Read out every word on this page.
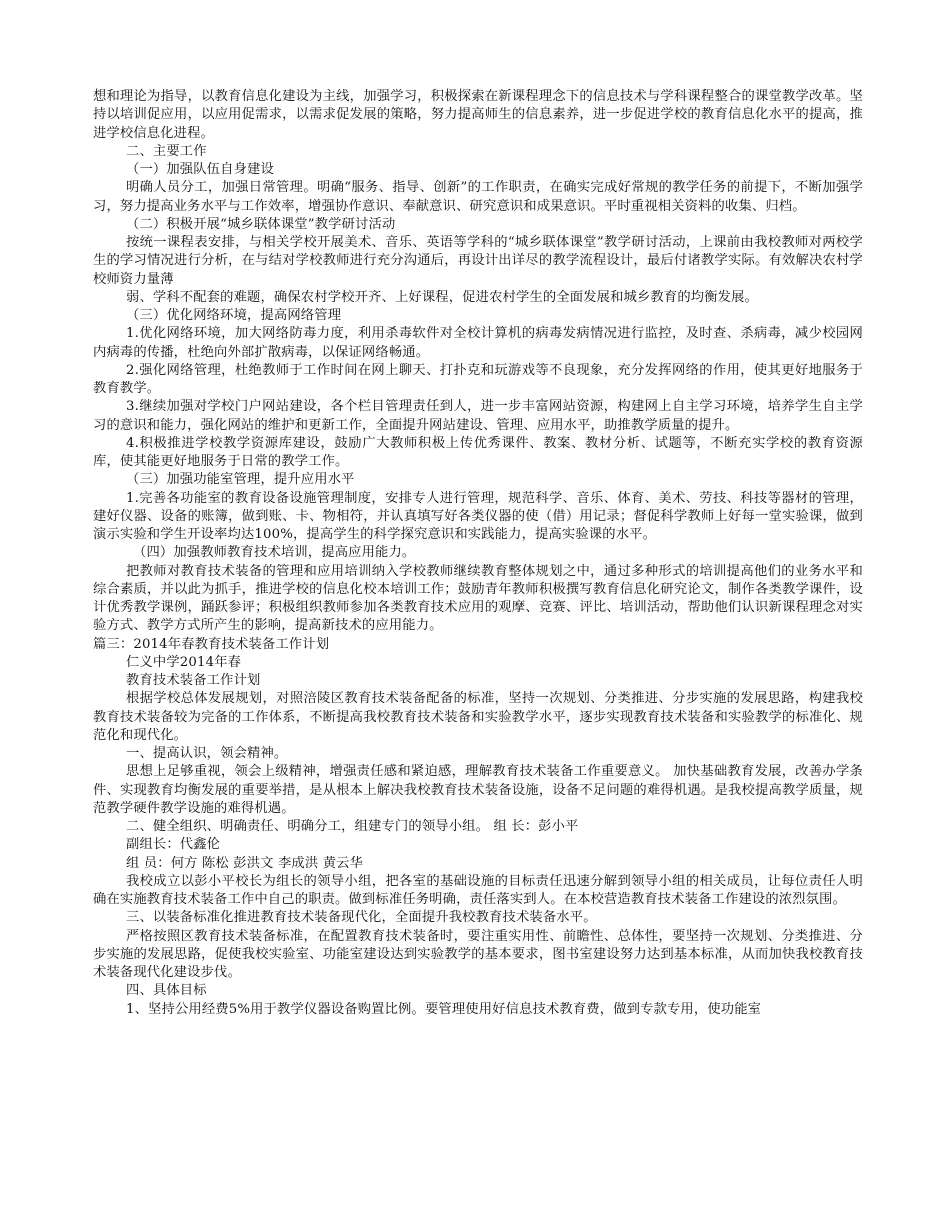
想和理论为指导，以教育信息化建设为主线，加强学习，积极探索在新课程理念下的信息技术与学科课程整合的课堂教学改革。坚持以培训促应用，以应用促需求，以需求促发展的策略，努力提高师生的信息素养，进一步促进学校的教育信息化水平的提高，推进学校信息化进程。

二、主要工作

（一）加强队伍自身建设

明确人员分工，加强日常管理。明确“服务、指导、创新”的工作职责，在确实完成好常规的教学任务的前提下，不断加强学习，努力提高业务水平与工作效率，增强协作意识、奉献意识、研究意识和成果意识。平时重视相关资料的收集、归档。

（二）积极开展“城乡联体课堂”教学研讨活动

按统一课程表安排，与相关学校开展美术、音乐、英语等学科的“城乡联体课堂”教学研讨活动，上课前由我校教师对两校学生的学习情况进行分析，在与结对学校教师进行充分沟通后，再设计出详尽的教学流程设计，最后付诸教学实际。有效解决农村学校师资力量薄

弱、学科不配套的难题，确保农村学校开齐、上好课程，促进农村学生的全面发展和城乡教育的均衡发展。

（三）优化网络环境，提高网络管理

1.优化网络环境，加大网络防毒力度，利用杀毒软件对全校计算机的病毒发病情况进行监控，及时查、杀病毒，减少校园网内病毒的传播，杜绝向外部扩散病毒，以保证网络畅通。

2.强化网络管理，杜绝教师于工作时间在网上聊天、打扑克和玩游戏等不良现象，充分发挥网络的作用，使其更好地服务于教育教学。

3.继续加强对学校门户网站建设，各个栏目管理责任到人，进一步丰富网站资源，构建网上自主学习环境，培养学生自主学习的意识和能力，强化网站的维护和更新工作，全面提升网站建设、管理、应用水平，助推教学质量的提升。

4.积极推进学校教学资源库建设，鼓励广大教师积极上传优秀课件、教案、教材分析、试题等，不断充实学校的教育资源库，使其能更好地服务于日常的教学工作。

（三）加强功能室管理，提升应用水平

1.完善各功能室的教育设备设施管理制度，安排专人进行管理，规范科学、音乐、体育、美术、劳技、科技等器材的管理，建好仪器、设备的账簿，做到账、卡、物相符，并认真填写好各类仪器的使（借）用记录；督促科学教师上好每一堂实验课，做到演示实验和学生开设率均达100%，提高学生的科学探究意识和实践能力，提高实验课的水平。

（四）加强教师教育技术培训，提高应用能力。

把教师对教育技术装备的管理和应用培训纳入学校教师继续教育整体规划之中，通过多种形式的培训提高他们的业务水平和综合素质，并以此为抓手，推进学校的信息化校本培训工作；鼓励青年教师积极撰写教育信息化研究论文，制作各类教学课件，设计优秀教学课例，踊跃参评；积极组织教师参加各类教育技术应用的观摩、竞赛、评比、培训活动，帮助他们认识新课程理念对实验方式、教学方式所产生的影响，提高新技术的应用能力。

篇三：2014年春教育技术装备工作计划

仁义中学2014年春

教育技术装备工作计划

根据学校总体发展规划，对照涪陵区教育技术装备配备的标准，坚持一次规划、分类推进、分步实施的发展思路，构建我校教育技术装备较为完备的工作体系，不断提高我校教育技术装备和实验教学水平，逐步实现教育技术装备和实验教学的标准化、规范化和现代化。

一、提高认识，领会精神。

思想上足够重视，领会上级精神，增强责任感和紧迫感，理解教育技术装备工作重要意义。 加快基础教育发展，改善办学条件、实现教育均衡发展的重要举措，是从根本上解决我校教育技术装备设施，设备不足问题的难得机遇。是我校提高教学质量，规范教学硬件教学设施的难得机遇。

二、健全组织、明确责任、明确分工，组建专门的领导小组。 组 长：彭小平

副组长：代鑫伦

组 员：何方 陈松 彭洪文 李成洪 黄云华

我校成立以彭小平校长为组长的领导小组，把各室的基础设施的目标责任迅速分解到领导小组的相关成员，让每位责任人明确在实施教育技术装备工作中自己的职责。做到标准任务明确，责任落实到人。在本校营造教育技术装备工作建设的浓烈氛围。

三、以装备标准化推进教育技术装备现代化，全面提升我校教育技术装备水平。

严格按照区教育技术装备标准，在配置教育技术装备时，要注重实用性、前瞻性、总体性，要坚持一次规划、分类推进、分步实施的发展思路，促使我校实验室、功能室建设达到实验教学的基本要求，图书室建设努力达到基本标准，从而加快我校教育技术装备现代化建设步伐。

四、具体目标

1、坚持公用经费5%用于教学仪器设备购置比例。要管理使用好信息技术教育费，做到专款专用，使功能室
